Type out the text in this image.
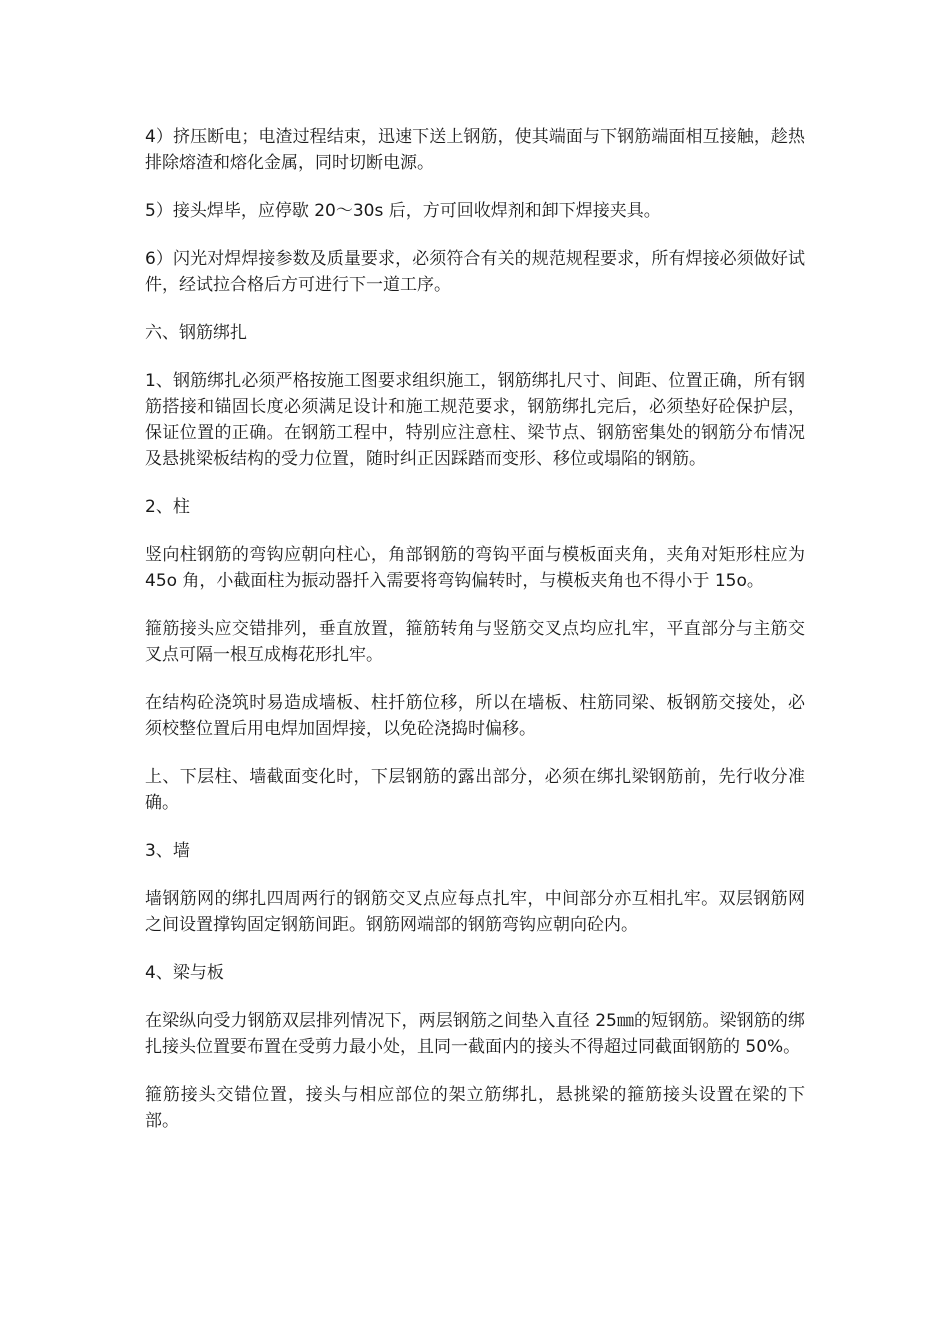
4）挤压断电；电渣过程结束，迅速下送上钢筋，使其端面与下钢筋端面相互接触，趁热排除熔渣和熔化金属，同时切断电源。

5）接头焊毕，应停歇 20～30s 后，方可回收焊剂和卸下焊接夹具。

6）闪光对焊焊接参数及质量要求，必须符合有关的规范规程要求，所有焊接必须做好试件，经试拉合格后方可进行下一道工序。

六、钢筋绑扎

1、钢筋绑扎必须严格按施工图要求组织施工，钢筋绑扎尺寸、间距、位置正确，所有钢筋搭接和锚固长度必须满足设计和施工规范要求，钢筋绑扎完后，必须垫好砼保护层，保证位置的正确。在钢筋工程中，特别应注意柱、梁节点、钢筋密集处的钢筋分布情况及悬挑梁板结构的受力位置，随时纠正因踩踏而变形、移位或塌陷的钢筋。

2、柱

竖向柱钢筋的弯钩应朝向柱心，角部钢筋的弯钩平面与模板面夹角，夹角对矩形柱应为 45o 角，小截面柱为振动器扦入需要将弯钩偏转时，与模板夹角也不得小于 15o。

箍筋接头应交错排列，垂直放置，箍筋转角与竖筋交叉点均应扎牢，平直部分与主筋交叉点可隔一根互成梅花形扎牢。

在结构砼浇筑时易造成墙板、柱扦筋位移，所以在墙板、柱筋同梁、板钢筋交接处，必须校整位置后用电焊加固焊接，以免砼浇捣时偏移。

上、下层柱、墙截面变化时，下层钢筋的露出部分，必须在绑扎梁钢筋前，先行收分准确。

3、墙

墙钢筋网的绑扎四周两行的钢筋交叉点应每点扎牢，中间部分亦互相扎牢。双层钢筋网之间设置撑钩固定钢筋间距。钢筋网端部的钢筋弯钩应朝向砼内。

4、梁与板

在梁纵向受力钢筋双层排列情况下，两层钢筋之间垫入直径 25㎜的短钢筋。梁钢筋的绑扎接头位置要布置在受剪力最小处，且同一截面内的接头不得超过同截面钢筋的 50%。

箍筋接头交错位置，接头与相应部位的架立筋绑扎，悬挑梁的箍筋接头设置在梁的下部。
